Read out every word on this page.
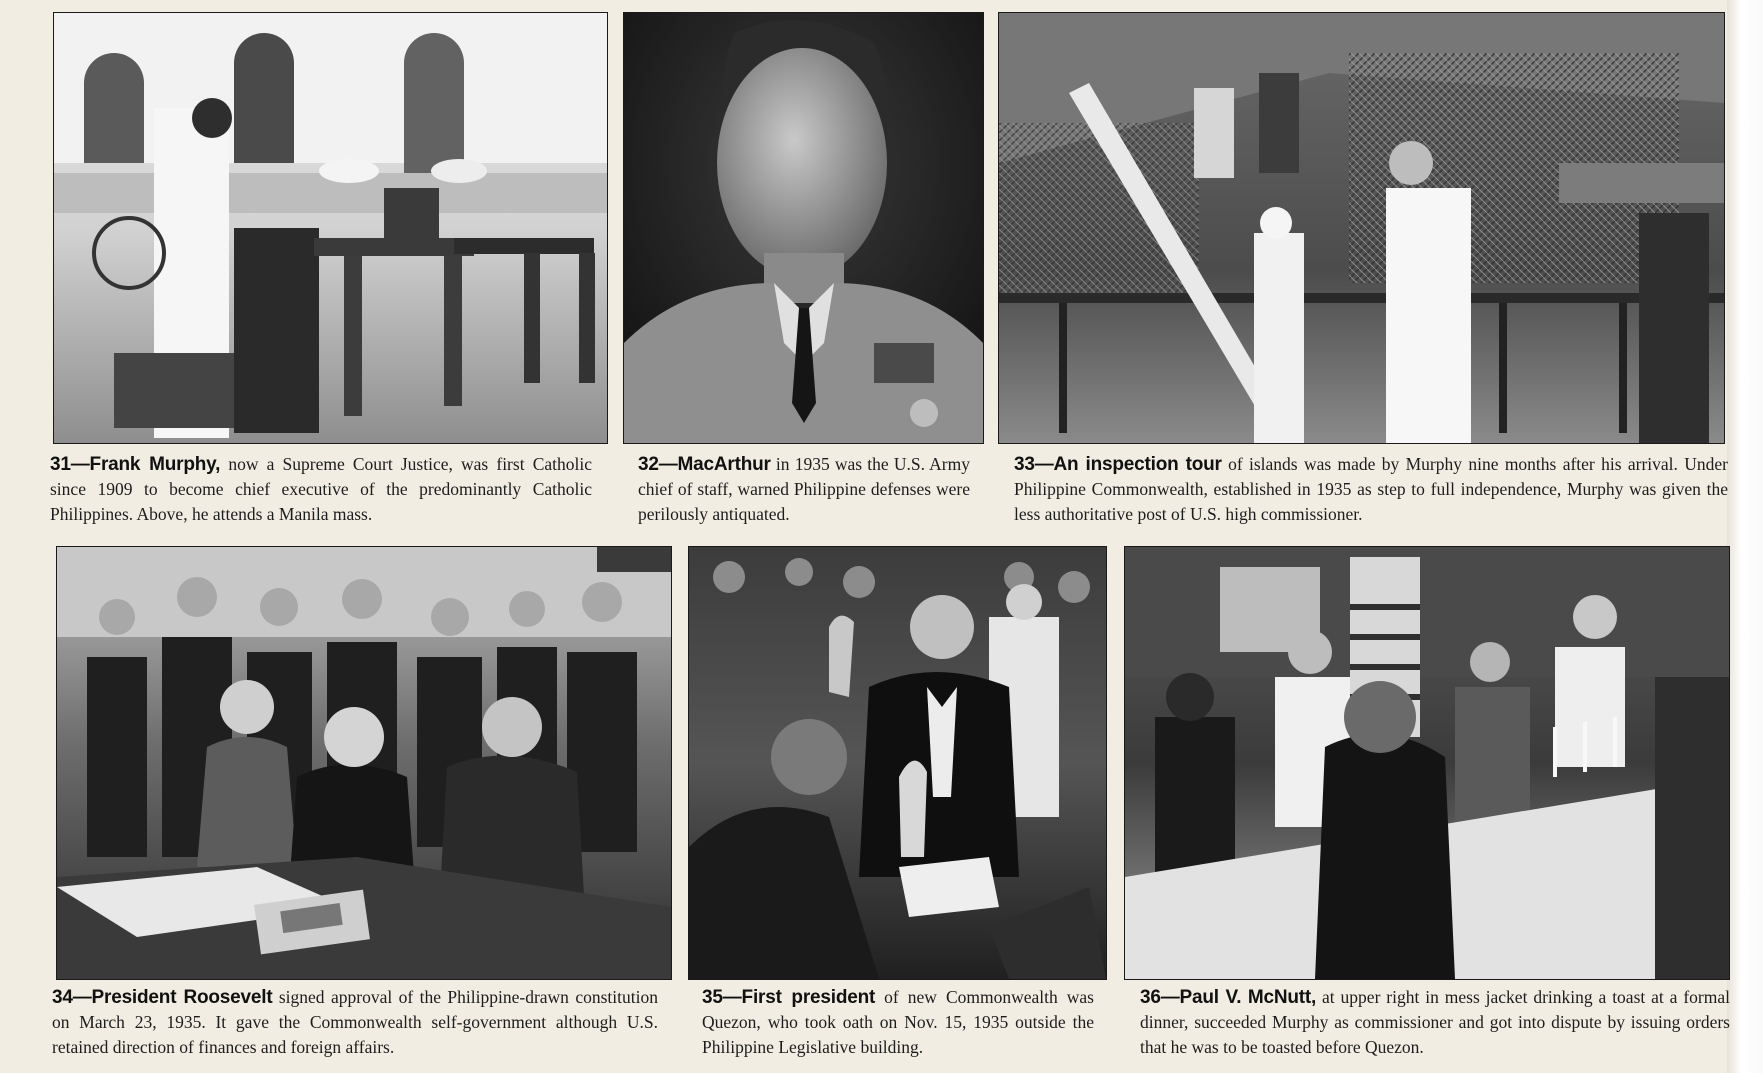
31—Frank Murphy, now a Supreme Court Justice, was first Catholic since 1909 to become chief executive of the predominantly Catholic Philippines. Above, he attends a Manila mass.
32—MacArthur in 1935 was the U.S. Army chief of staff, warned Philippine defenses were perilously antiquated.
33—An inspection tour of islands was made by Murphy nine months after his arrival. Under Philippine Commonwealth, established in 1935 as step to full independence, Murphy was given the less authoritative post of U.S. high commissioner.
34—President Roosevelt signed approval of the Philippine-drawn constitution on March 23, 1935. It gave the Commonwealth self-government although U.S. retained direction of finances and foreign affairs.
35—First president of new Commonwealth was Quezon, who took oath on Nov. 15, 1935 outside the Philippine Legislative building.
36—Paul V. McNutt, at upper right in mess jacket drinking a toast at a formal dinner, succeeded Murphy as commissioner and got into dispute by issuing orders that he was to be toasted before Quezon.
